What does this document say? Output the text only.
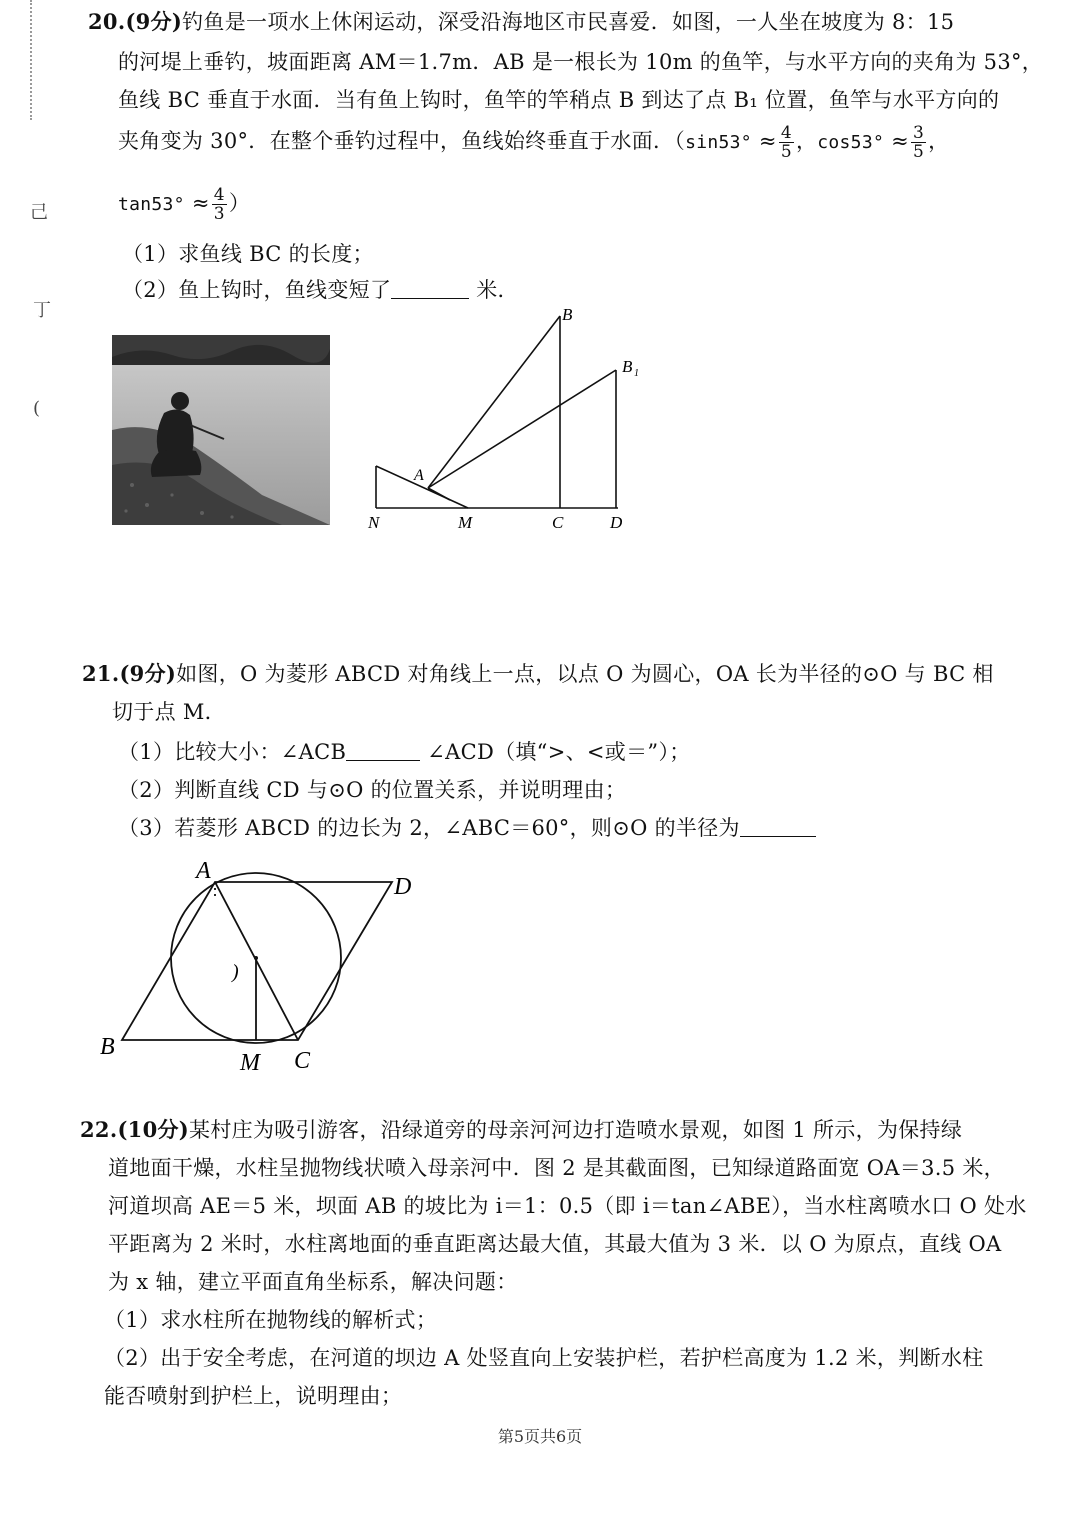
己
丁
(
20.(9分)钓鱼是一项水上休闲运动，深受沿海地区市民喜爱．如图，一人坐在坡度为 8：15
的河堤上垂钓，坡面距离 AM＝1.7m．AB 是一根长为 10m 的鱼竿，与水平方向的夹角为 53°，
鱼线 BC 垂直于水面．当有鱼上钩时，鱼竿的竿稍点 B 到达了点 B₁ 位置，鱼竿与水平方向的
夹角变为 30°．在整个垂钓过程中，鱼线始终垂直于水面．（$\sin 53^\circ \approx \frac{4}{5}$ ，$\cos 53^\circ \approx \frac{3}{5}$ ，
$\tan 53^\circ \approx \frac{4}{3}$ ）
（1）求鱼线 BC 的长度；
（2）鱼上钩时，鱼线变短了	米．
B
B 1
A
N	M	C	D
21.(9分)如图，O 为菱形 ABCD 对角线上一点，以点 O 为圆心，OA 长为半径的⊙O 与 BC 相
切于点 M．
（1）比较大小：∠ACB	∠ACD（填“>、<或＝”）；
（2）判断直线 CD 与⊙O 的位置关系，并说明理由；
（3）若菱形 ABCD 的边长为 2，∠ABC＝60°，则⊙O 的半径为
A
D
B
M C
)
22.(10分)某村庄为吸引游客，沿绿道旁的母亲河河边打造喷水景观，如图 1 所示，为保持绿
道地面干燥，水柱呈抛物线状喷入母亲河中．图 2 是其截面图，已知绿道路面宽 OA＝3.5 米，
河道坝高 AE＝5 米，坝面 AB 的坡比为 i＝1：0.5（即 i＝tan∠ABE），当水柱离喷水口 O 处水
平距离为 2 米时，水柱离地面的垂直距离达最大值，其最大值为 3 米．以 O 为原点，直线 OA
为 x 轴，建立平面直角坐标系，解决问题：
（1）求水柱所在抛物线的解析式；
（2）出于安全考虑，在河道的坝边 A 处竖直向上安装护栏，若护栏高度为 1.2 米，判断水柱
能否喷射到护栏上，说明理由；
第5页共6页
